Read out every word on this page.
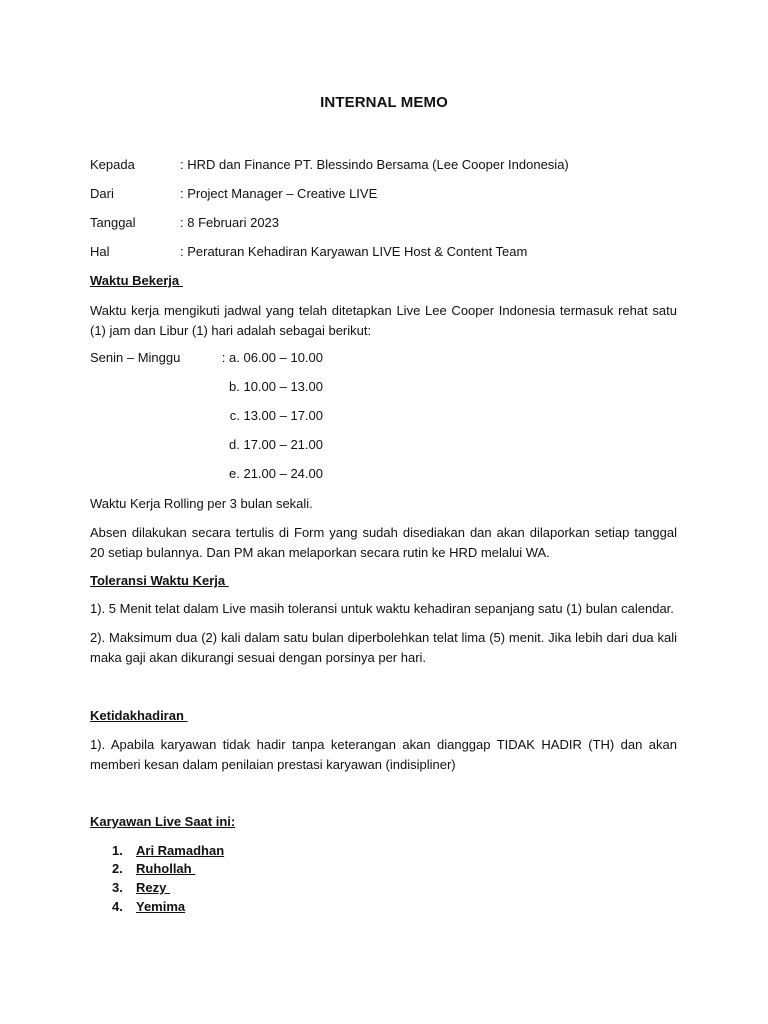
INTERNAL MEMO
Kepada	: HRD dan Finance PT. Blessindo Bersama (Lee Cooper Indonesia)
Dari	: Project Manager – Creative LIVE
Tanggal	: 8 Februari 2023
Hal	: Peraturan Kehadiran Karyawan LIVE Host & Content Team
Waktu Bekerja
Waktu kerja mengikuti jadwal yang telah ditetapkan Live Lee Cooper Indonesia termasuk rehat satu (1) jam dan Libur (1) hari adalah sebagai berikut:
Senin – Minggu	: a. 06.00 – 10.00
b. 10.00 – 13.00
c. 13.00 – 17.00
d. 17.00 – 21.00
e. 21.00 – 24.00
Waktu Kerja Rolling per 3 bulan sekali.
Absen dilakukan secara tertulis di Form yang sudah disediakan dan akan dilaporkan setiap tanggal 20 setiap bulannya. Dan PM akan melaporkan secara rutin ke HRD melalui WA.
Toleransi Waktu Kerja
1). 5 Menit telat dalam Live masih toleransi untuk waktu kehadiran sepanjang satu (1) bulan calendar.
2). Maksimum dua (2) kali dalam satu bulan diperbolehkan telat lima (5) menit. Jika lebih dari dua kali maka gaji akan dikurangi sesuai dengan porsinya per hari.
Ketidakhadiran
1). Apabila karyawan tidak hadir tanpa keterangan akan dianggap TIDAK HADIR (TH) dan akan memberi kesan dalam penilaian prestasi karyawan (indisipliner)
Karyawan Live Saat ini:
1. Ari Ramadhan
2. Ruhollah
3. Rezy
4. Yemima
